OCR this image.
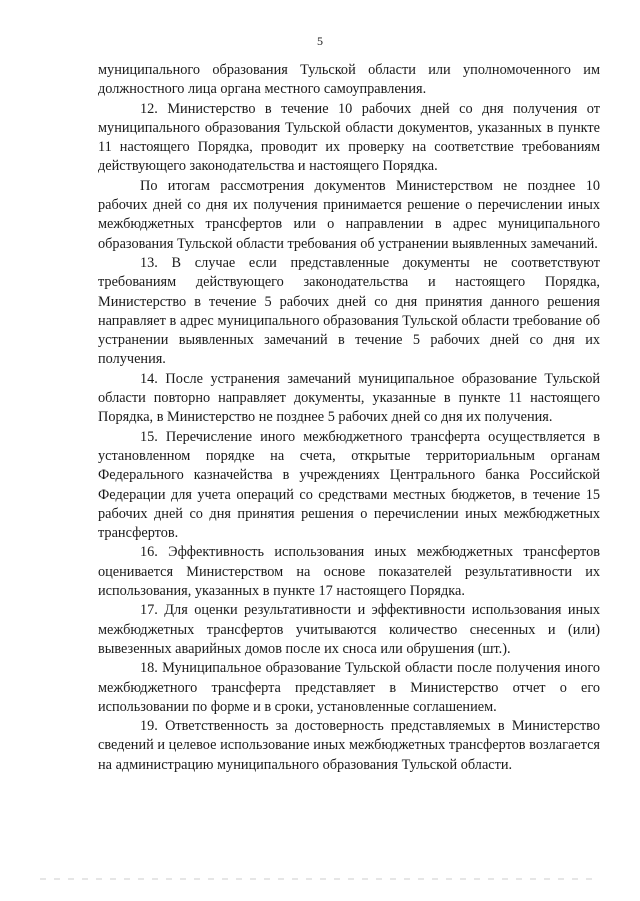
5

муниципального образования Тульской области или уполномоченного им должностного лица органа местного самоуправления.

12. Министерство в течение 10 рабочих дней со дня получения от муниципального образования Тульской области документов, указанных в пункте 11 настоящего Порядка, проводит их проверку на соответствие требованиям действующего законодательства и настоящего Порядка.

По итогам рассмотрения документов Министерством не позднее 10 рабочих дней со дня их получения принимается решение о перечислении иных межбюджетных трансфертов или о направлении в адрес муниципального образования Тульской области требования об устранении выявленных замечаний.

13. В случае если представленные документы не соответствуют требованиям действующего законодательства и настоящего Порядка, Министерство в течение 5 рабочих дней со дня принятия данного решения направляет в адрес муниципального образования Тульской области требование об устранении выявленных замечаний в течение 5 рабочих дней со дня их получения.

14. После устранения замечаний муниципальное образование Тульской области повторно направляет документы, указанные в пункте 11 настоящего Порядка, в Министерство не позднее 5 рабочих дней со дня их получения.

15. Перечисление иного межбюджетного трансферта осуществляется в установленном порядке на счета, открытые территориальным органам Федерального казначейства в учреждениях Центрального банка Российской Федерации для учета операций со средствами местных бюджетов, в течение 15 рабочих дней со дня принятия решения о перечислении иных межбюджетных трансфертов.

16. Эффективность использования иных межбюджетных трансфертов оценивается Министерством на основе показателей результативности их использования, указанных в пункте 17 настоящего Порядка.

17. Для оценки результативности и эффективности использования иных межбюджетных трансфертов учитываются количество снесенных и (или) вывезенных аварийных домов после их сноса или обрушения (шт.).

18. Муниципальное образование Тульской области после получения иного межбюджетного трансферта представляет в Министерство отчет о его использовании по форме и в сроки, установленные соглашением.

19. Ответственность за достоверность представляемых в Министерство сведений и целевое использование иных межбюджетных трансфертов возлагается на администрацию муниципального образования Тульской области.
